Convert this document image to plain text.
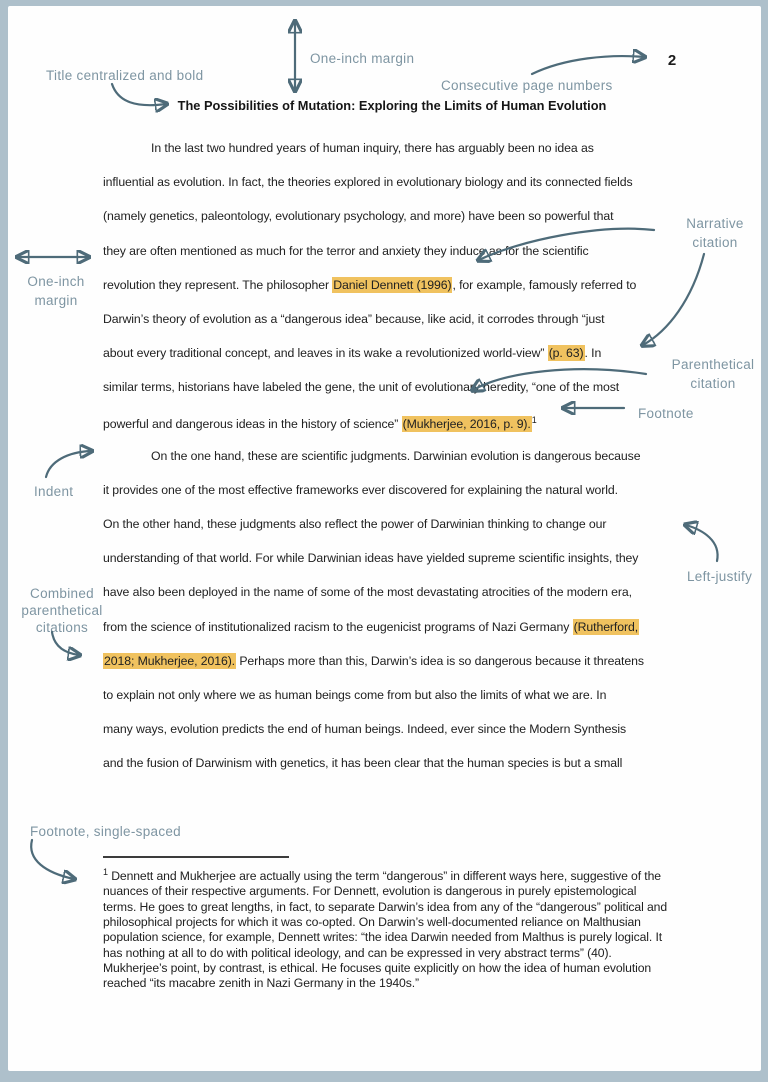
2
The Possibilities of Mutation: Exploring the Limits of Human Evolution
In the last two hundred years of human inquiry, there has arguably been no idea as
influential as evolution. In fact, the theories explored in evolutionary biology and its connected fields
(namely genetics, paleontology, evolutionary psychology, and more) have been so powerful that
they are often mentioned as much for the terror and anxiety they induce as for the scientific
revolution they represent. The philosopher Daniel Dennett (1996), for example, famously referred to
Darwin’s theory of evolution as a “dangerous idea” because, like acid, it corrodes through “just
about every traditional concept, and leaves in its wake a revolutionized world-view” (p. 63). In
similar terms, historians have labeled the gene, the unit of evolutionary heredity, “one of the most
powerful and dangerous ideas in the history of science” (Mukherjee, 2016, p. 9).$^1$
On the one hand, these are scientific judgments. Darwinian evolution is dangerous because
it provides one of the most effective frameworks ever discovered for explaining the natural world.
On the other hand, these judgments also reflect the power of Darwinian thinking to change our
understanding of that world. For while Darwinian ideas have yielded supreme scientific insights, they
have also been deployed in the name of some of the most devastating atrocities of the modern era,
from the science of institutionalized racism to the eugenicist programs of Nazi Germany (Rutherford,
2018; Mukherjee, 2016). Perhaps more than this, Darwin’s idea is so dangerous because it threatens
to explain not only where we as human beings come from but also the limits of what we are. In
many ways, evolution predicts the end of human beings. Indeed, ever since the Modern Synthesis
and the fusion of Darwinism with genetics, it has been clear that the human species is but a small
$^1$ Dennett and Mukherjee are actually using the term “dangerous” in different ways here, suggestive of the nuances of their respective arguments. For Dennett, evolution is dangerous in purely epistemological terms. He goes to great lengths, in fact, to separate Darwin’s idea from any of the “dangerous” political and philosophical projects for which it was co-opted. On Darwin’s well-documented reliance on Malthusian population science, for example, Dennett writes: “the idea Darwin needed from Malthus is purely logical. It has nothing at all to do with political ideology, and can be expressed in very abstract terms” (40). Mukherjee’s point, by contrast, is ethical. He focuses quite explicitly on how the idea of human evolution reached “its macabre zenith in Nazi Germany in the 1940s.”
One-inch margin
Title centralized and bold
Consecutive page numbers
One-inch
margin
Narrative
citation
Parenthetical
citation
Footnote
Indent
Left-justify
Combined
parenthetical
citations
Footnote, single-spaced
